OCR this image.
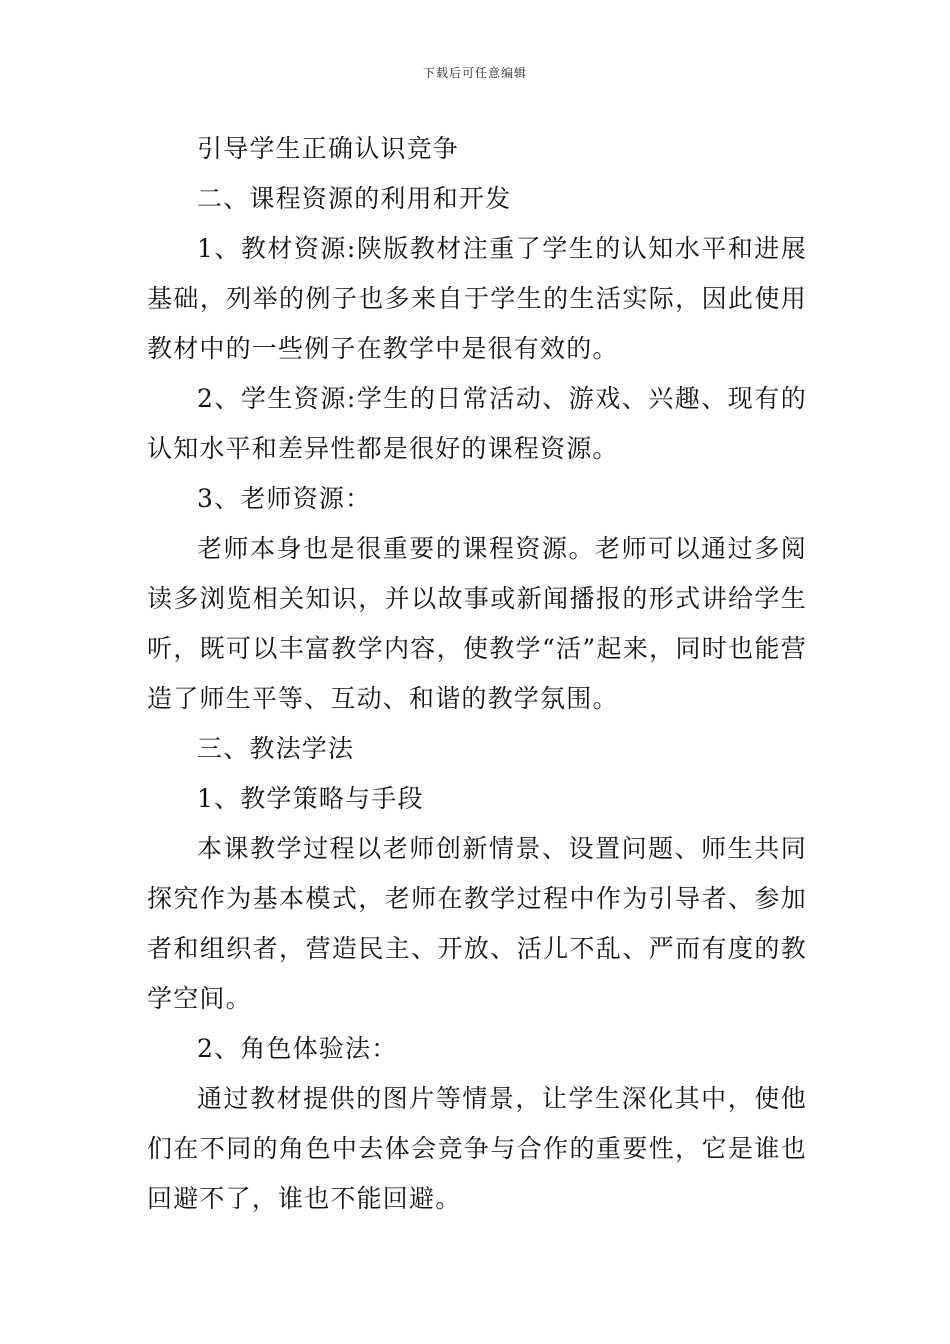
下载后可任意编辑

引导学生正确认识竞争

二、课程资源的利用和开发

1、教材资源:陕版教材注重了学生的认知水平和进展基础，列举的例子也多来自于学生的生活实际，因此使用教材中的一些例子在教学中是很有效的。

2、学生资源:学生的日常活动、游戏、兴趣、现有的认知水平和差异性都是很好的课程资源。

3、老师资源：

老师本身也是很重要的课程资源。老师可以通过多阅读多浏览相关知识，并以故事或新闻播报的形式讲给学生听，既可以丰富教学内容，使教学“活”起来，同时也能营造了师生平等、互动、和谐的教学氛围。

三、教法学法

1、教学策略与手段

本课教学过程以老师创新情景、设置问题、师生共同探究作为基本模式，老师在教学过程中作为引导者、参加者和组织者，营造民主、开放、活儿不乱、严而有度的教学空间。

2、角色体验法：

通过教材提供的图片等情景，让学生深化其中，使他们在不同的角色中去体会竞争与合作的重要性，它是谁也回避不了，谁也不能回避。
